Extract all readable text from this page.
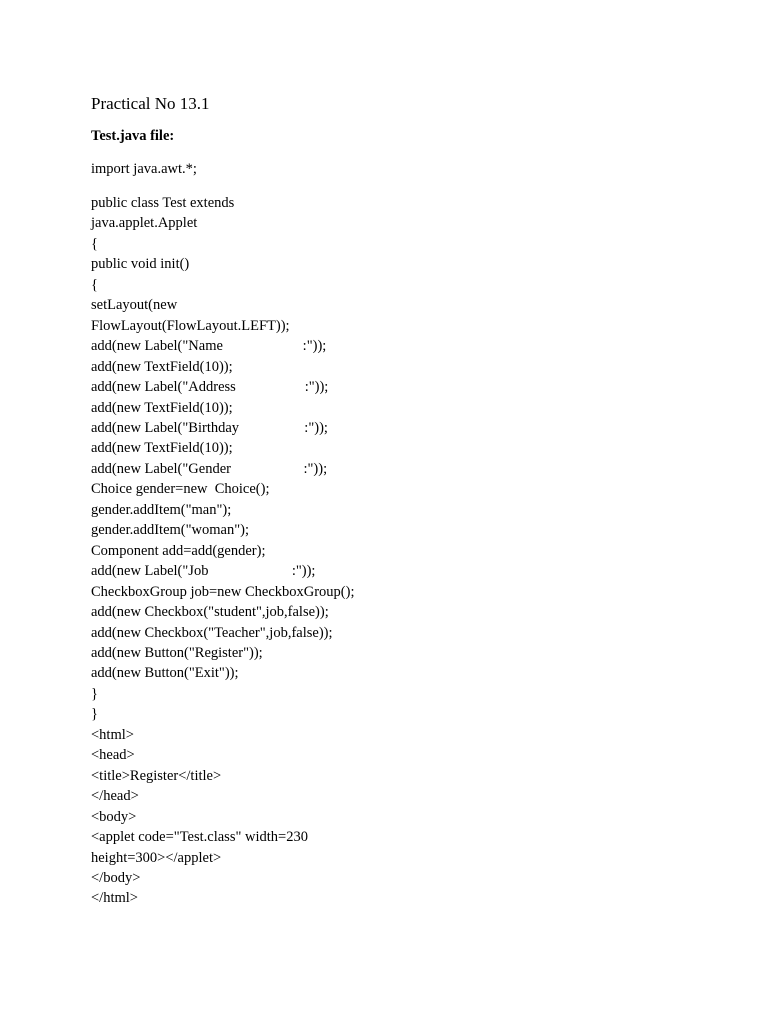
Practical No 13.1

Test.java file:

import java.awt.*;

public class Test extends

java.applet.Applet

{

public void init()

{

setLayout(new

FlowLayout(FlowLayout.LEFT));

add(new Label("Name                      :"));

add(new TextField(10));

add(new Label("Address                   :"));

add(new TextField(10));

add(new Label("Birthday                  :"));

add(new TextField(10));

add(new Label("Gender                    :"));

Choice gender=new  Choice();

gender.addItem("man");

gender.addItem("woman");

Component add=add(gender);

add(new Label("Job                       :"));

CheckboxGroup job=new CheckboxGroup();

add(new Checkbox("student",job,false));

add(new Checkbox("Teacher",job,false));

add(new Button("Register"));

add(new Button("Exit"));

}

}

<html>

<head>

<title>Register</title>

</head>

<body>

<applet code="Test.class" width=230

height=300></applet>

</body>

</html>
